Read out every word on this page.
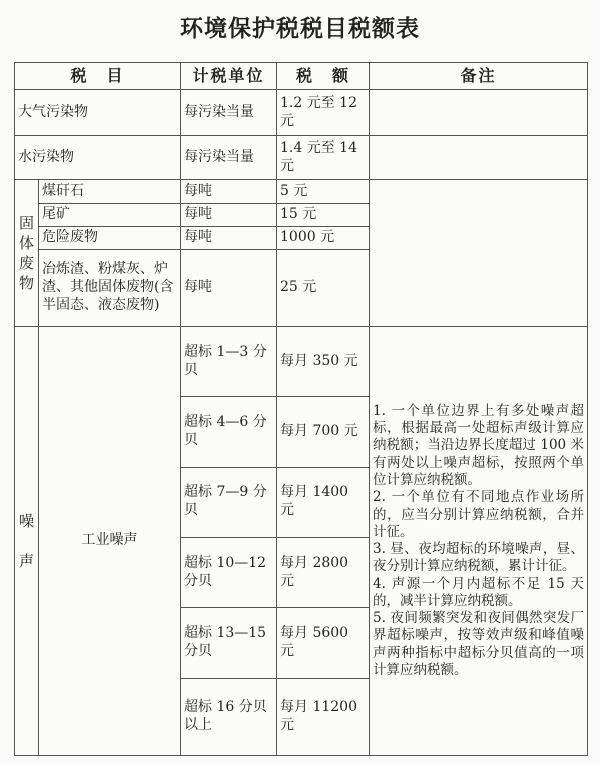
环境保护税税目税额表
税　目		计税单位	税　额	备注
大气污染物		每污染当量	1.2 元至 12 元	
水污染物		每污染当量	1.4 元至 14 元	
固体废物	煤矸石	每吨	5 元	
	尾矿	每吨	15 元	
	危险废物	每吨	1000 元	
	冶炼渣、粉煤灰、炉渣、其他固体废物(含半固态、液态废物)	每吨	25 元	
噪声	工业噪声	超标 1—3 分贝	每月 350 元	1. 一个单位边界上有多处噪声超标，根据最高一处超标声级计算应纳税额；当沿边界长度超过 100 米有两处以上噪声超标，按照两个单位计算应纳税额。
2. 一个单位有不同地点作业场所的，应当分别计算应纳税额，合并计征。
3. 昼、夜均超标的环境噪声，昼、夜分别计算应纳税额，累计计征。
4. 声源一个月内超标不足 15 天的，减半计算应纳税额。
5. 夜间频繁突发和夜间偶然突发厂界超标噪声，按等效声级和峰值噪声两种指标中超标分贝值高的一项计算应纳税额。

		超标 4—6 分贝	每月 700 元	
		超标 7—9 分贝	每月 1400 元	
		超标 10—12 分贝	每月 2800 元	
		超标 13—15 分贝	每月 5600 元	
		超标 16 分贝以上	每月 11200 元	
